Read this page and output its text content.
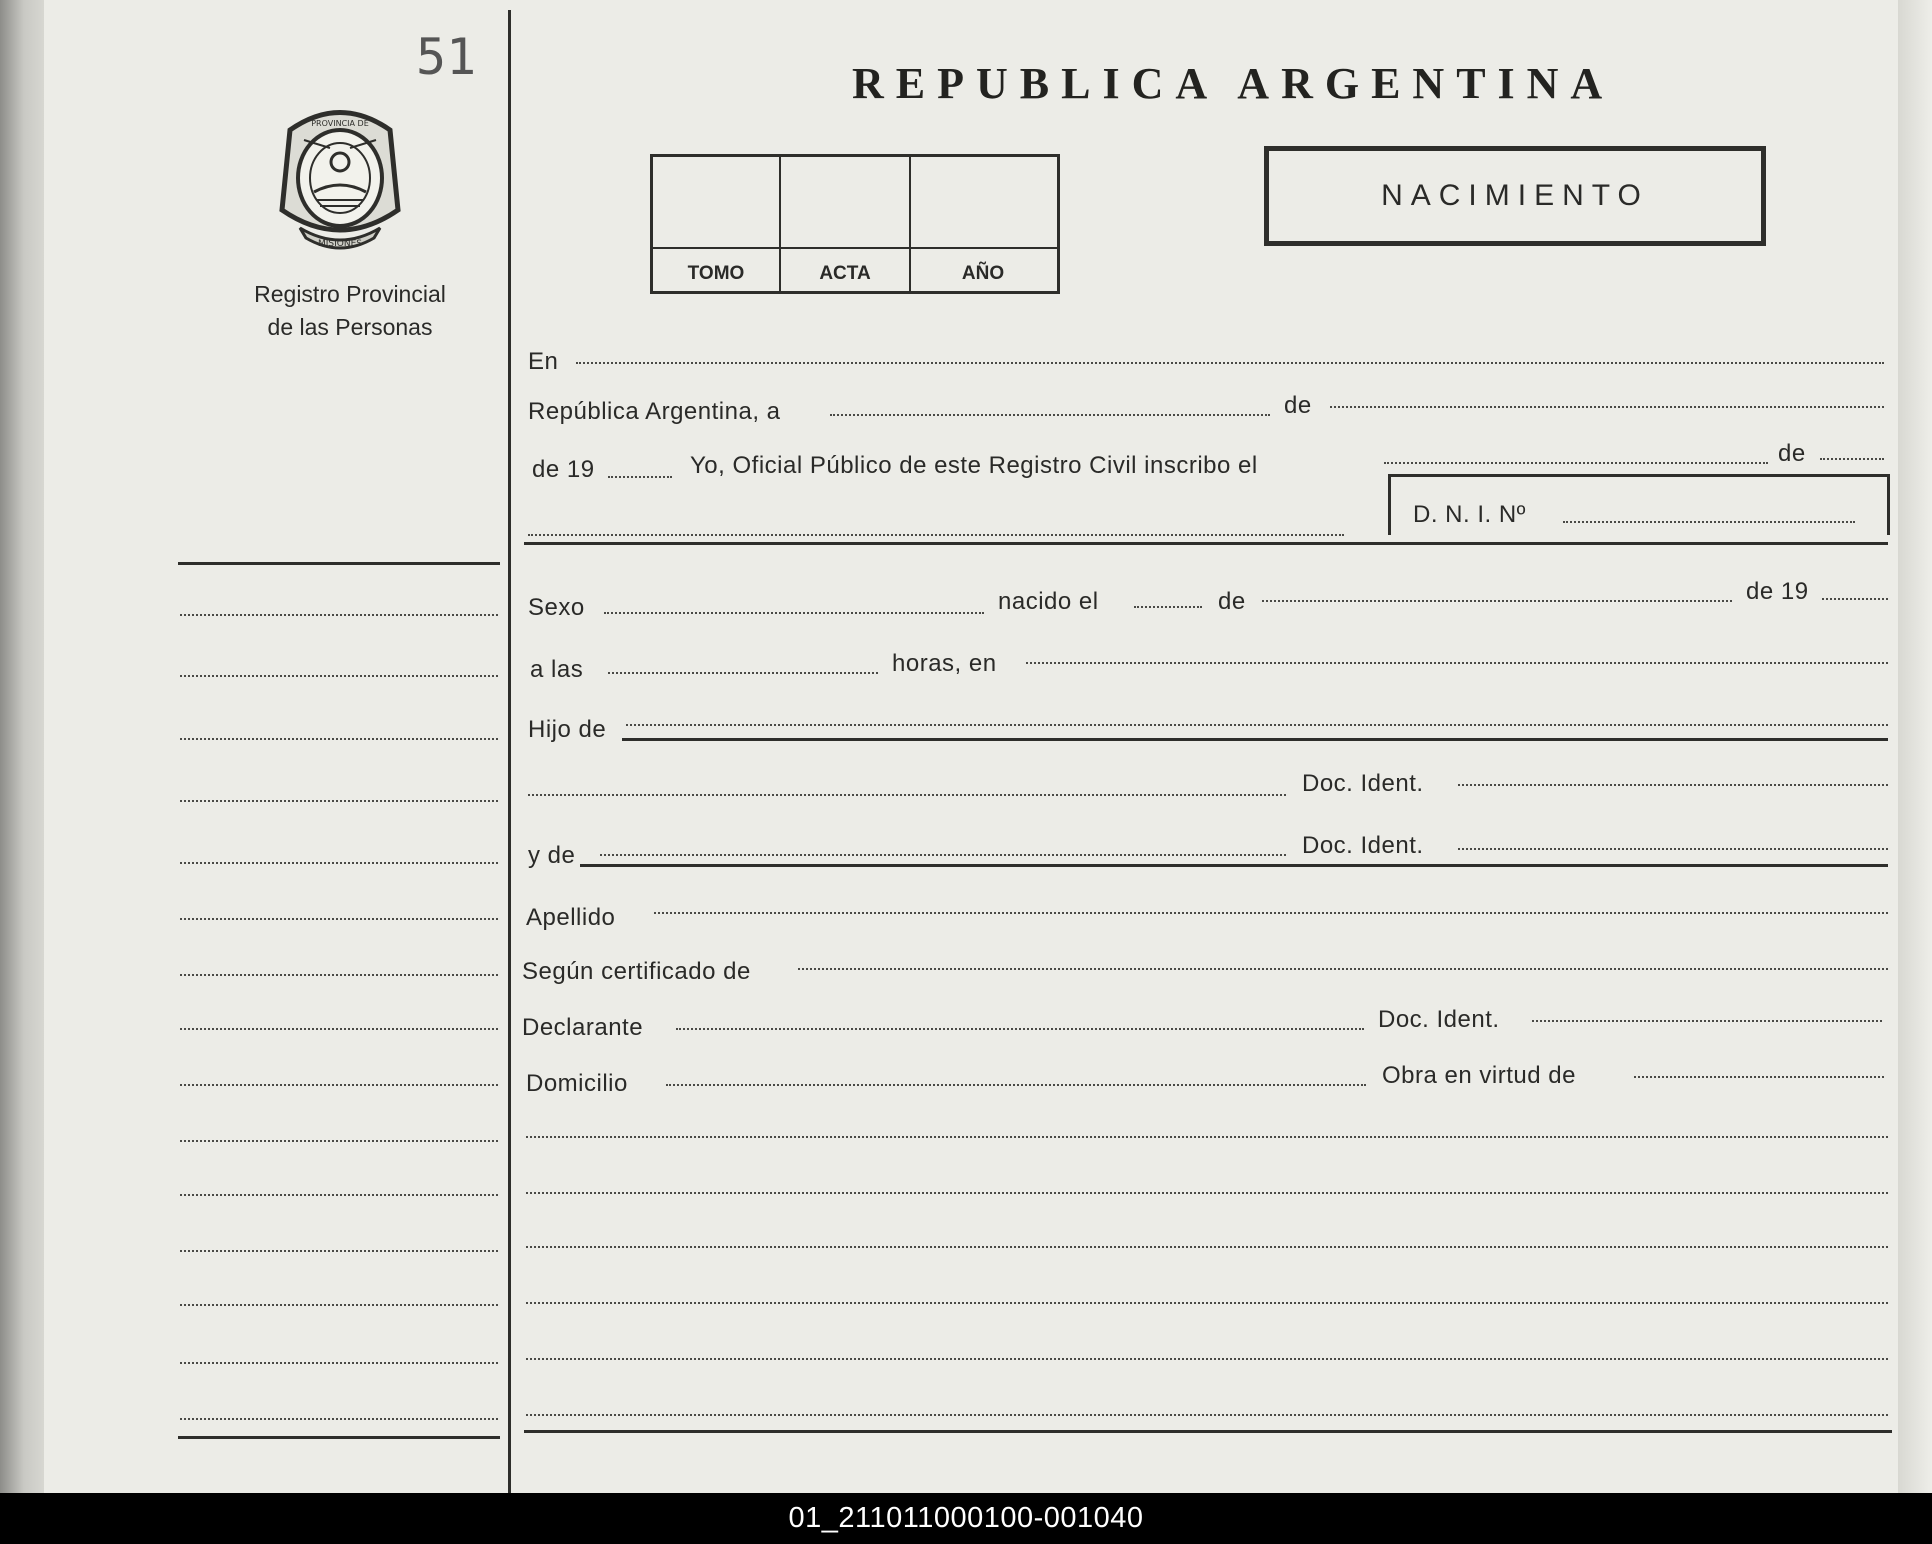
51
PROVINCIA DE
MISIONES
Registro Provincial
de las Personas
REPUBLICA ARGENTINA
TOMO	ACTA	AÑO
NACIMIENTO
En
República Argentina, a	de
de 19	Yo, Oficial Público de este Registro Civil inscribo el	de
D. N. I. Nº
Sexo	nacido el	de	de 19
a las	horas, en
Hijo de
Doc. Ident.
y de	Doc. Ident.
Apellido
Según certificado de
Declarante	Doc. Ident.
Domicilio	Obra en virtud de
01_211011000100-001040
